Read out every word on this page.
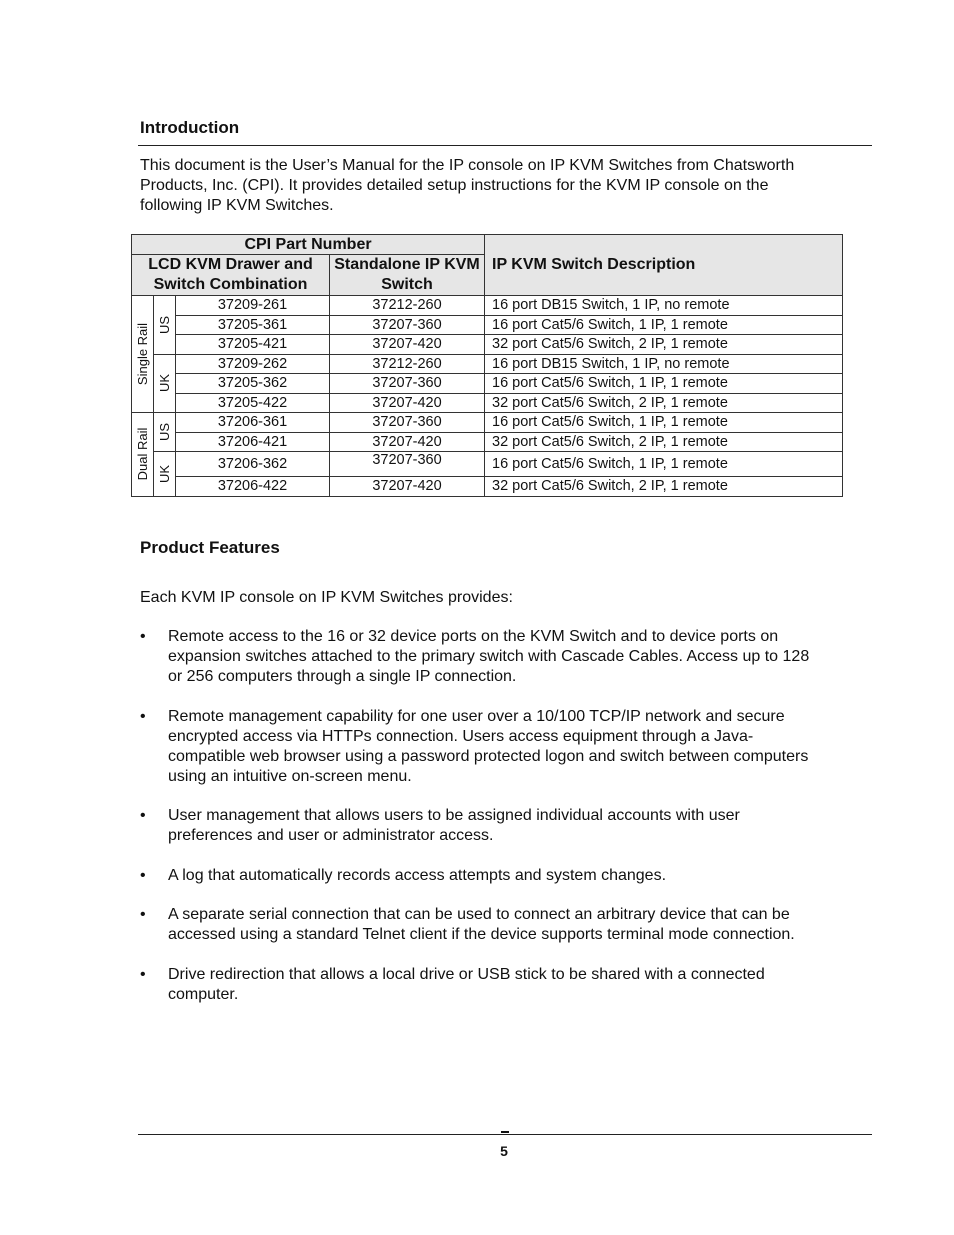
Introduction
This document is the User’s Manual for the IP console on IP KVM Switches from Chatsworth
Products, Inc. (CPI). It provides detailed setup instructions for the KVM IP console on the
following IP KVM Switches.
CPI Part Number				IP KVM Switch Description
LCD KVM Drawer and Switch Combination			Standalone IP KVM Switch	

Single Rail	US	37209-261	37212-260	16 port DB15 Switch, 1 IP, no remote
		37205-361	37207-360	16 port Cat5/6 Switch, 1 IP, 1 remote
		37205-421	37207-420	32 port Cat5/6 Switch, 2 IP, 1 remote

	UK	37209-262	37212-260	16 port DB15 Switch, 1 IP, no remote
		37205-362	37207-360	16 port Cat5/6 Switch, 1 IP, 1 remote
		37205-422	37207-420	32 port Cat5/6 Switch, 2 IP, 1 remote

Dual Rail	US	37206-361	37207-360	16 port Cat5/6 Switch, 1 IP, 1 remote
		37206-421	37207-420	32 port Cat5/6 Switch, 2 IP, 1 remote

	UK	37206-362	37207-360	16 port Cat5/6 Switch, 1 IP, 1 remote
		37206-422	37207-420	32 port Cat5/6 Switch, 2 IP, 1 remote
Product Features
Each KVM IP console on IP KVM Switches provides:
• Remote access to the 16 or 32 device ports on the KVM Switch and to device ports on
expansion switches attached to the primary switch with Cascade Cables. Access up to 128
or 256 computers through a single IP connection.
• Remote management capability for one user over a 10/100 TCP/IP network and secure
encrypted access via HTTPs connection. Users access equipment through a Java-
compatible web browser using a password protected logon and switch between computers
using an intuitive on-screen menu.
• User management that allows users to be assigned individual accounts with user
preferences and user or administrator access.
• A log that automatically records access attempts and system changes.
• A separate serial connection that can be used to connect an arbitrary device that can be
accessed using a standard Telnet client if the device supports terminal mode connection.
• Drive redirection that allows a local drive or USB stick to be shared with a connected
computer.
5
